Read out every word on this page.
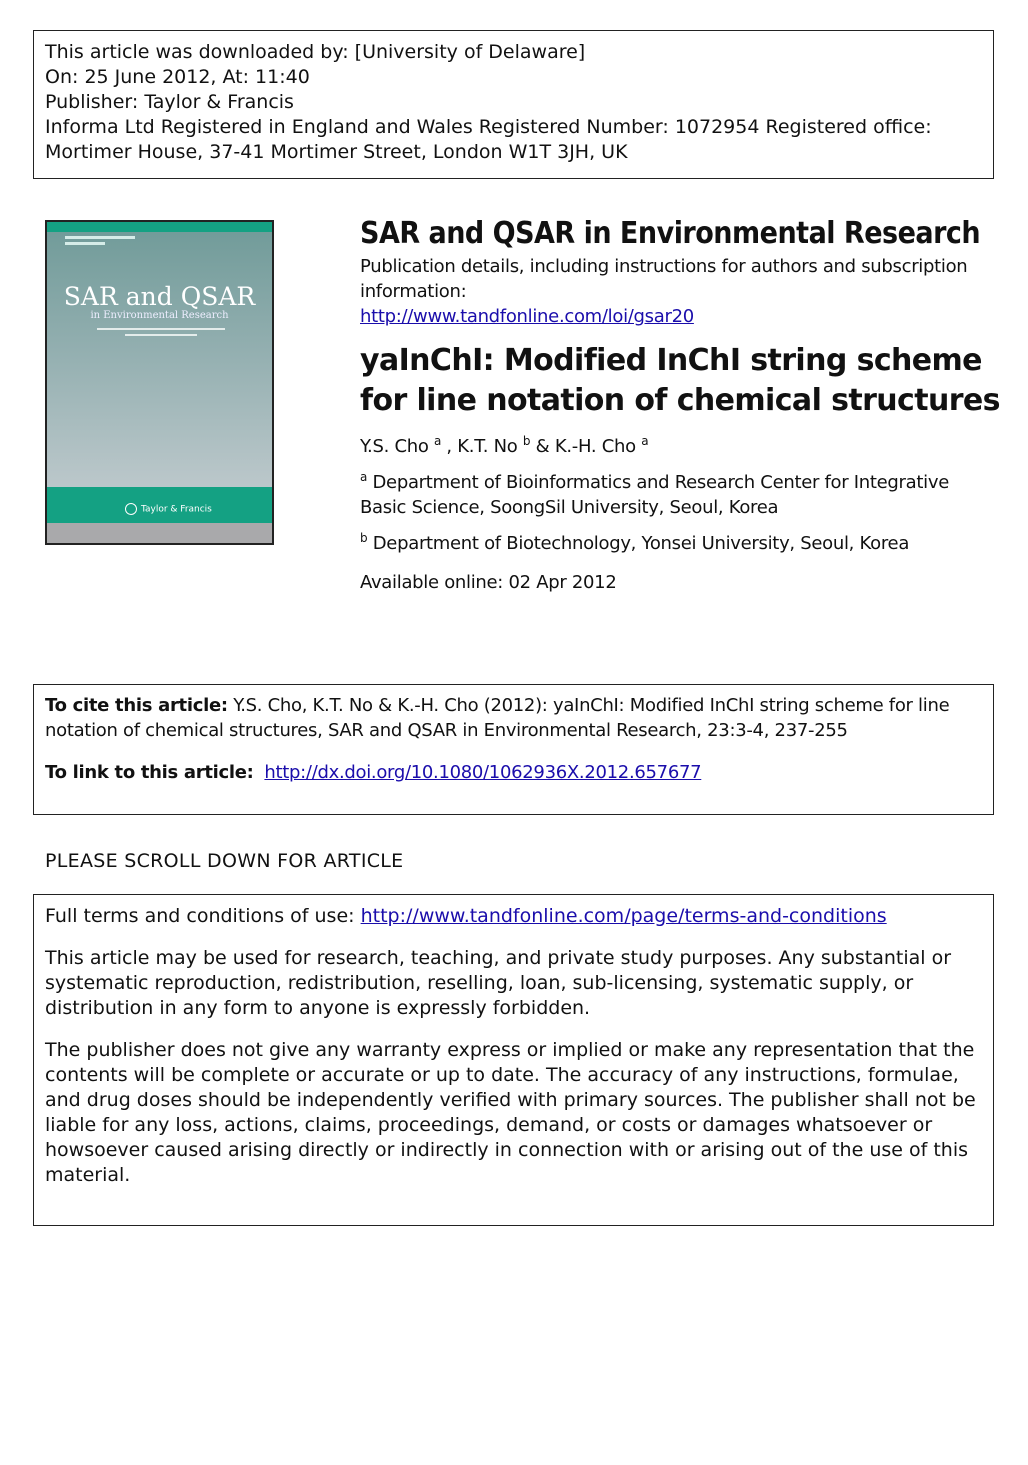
This article was downloaded by: [University of Delaware]
On: 25 June 2012, At: 11:40
Publisher: Taylor & Francis
Informa Ltd Registered in England and Wales Registered Number: 1072954 Registered office: Mortimer House, 37-41 Mortimer Street, London W1T 3JH, UK
SAR and QSAR
in Environmental Research
Taylor & Francis
SAR and QSAR in Environmental Research
Publication details, including instructions for authors and subscription information:
http://www.tandfonline.com/loi/gsar20
yaInChI: Modified InChI string scheme for line notation of chemical structures
Y.S. Cho $^a$ , K.T. No $^b$ & K.-H. Cho $^a$
$^a$ Department of Bioinformatics and Research Center for Integrative Basic Science, SoongSil University, Seoul, Korea
$^b$ Department of Biotechnology, Yonsei University, Seoul, Korea
Available online: 02 Apr 2012
To cite this article: Y.S. Cho, K.T. No & K.-H. Cho (2012): yaInChI: Modified InChI string scheme for line notation of chemical structures, SAR and QSAR in Environmental Research, 23:3-4, 237-255
To link to this article: http://dx.doi.org/10.1080/1062936X.2012.657677
PLEASE SCROLL DOWN FOR ARTICLE

Full terms and conditions of use: http://www.tandfonline.com/page/terms-and-conditions

This article may be used for research, teaching, and private study purposes. Any substantial or systematic reproduction, redistribution, reselling, loan, sub-licensing, systematic supply, or distribution in any form to anyone is expressly forbidden.

The publisher does not give any warranty express or implied or make any representation that the contents will be complete or accurate or up to date. The accuracy of any instructions, formulae, and drug doses should be independently verified with primary sources. The publisher shall not be liable for any loss, actions, claims, proceedings, demand, or costs or damages whatsoever or howsoever caused arising directly or indirectly in connection with or arising out of the use of this material.
